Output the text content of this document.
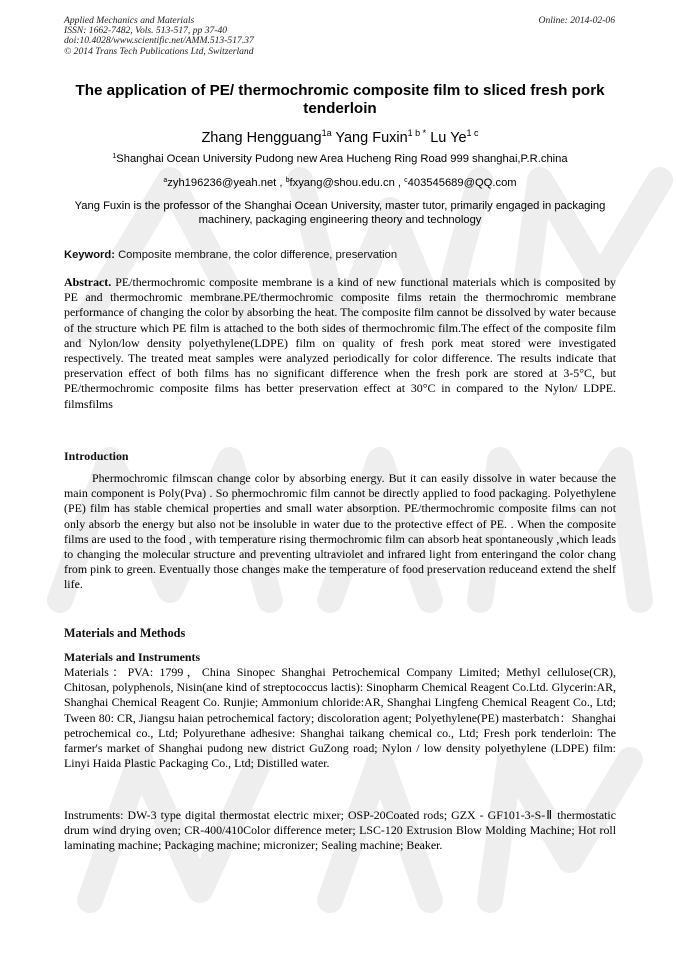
Applied Mechanics and Materials
ISSN: 1662-7482, Vols. 513-517, pp 37-40
doi:10.4028/www.scientific.net/AMM.513-517.37
© 2014 Trans Tech Publications Ltd, Switzerland
Online: 2014-02-06
The application of PE/ thermochromic composite film to sliced fresh pork tenderloin
Zhang Hengguang$^{1a}$ Yang Fuxin$^{1 b *}$ Lu $Ye^{1 c}$
$^1$Shanghai Ocean University Pudong new Area Hucheng Ring Road 999 shanghai,P.R.china
$^a$zyh196236@yeah.net , $^b$fxyang@shou.edu.cn , $^c$403545689@QQ.com
Yang Fuxin is the professor of the Shanghai Ocean University, master tutor, primarily engaged in packaging machinery, packaging engineering theory and technology
Keyword: Composite membrane, the color difference, preservation
Abstract. PE/thermochromic composite membrane is a kind of new functional materials which is composited by PE and thermochromic membrane.PE/thermochromic composite films retain the thermochromic membrane performance of changing the color by absorbing the heat. The composite film cannot be dissolved by water because of the structure which PE film is attached to the both sides of thermochromic film.The effect of the composite film and Nylon/low density polyethylene(LDPE) film on quality of fresh pork meat stored were investigated respectively. The treated meat samples were analyzed periodically for color difference. The results indicate that preservation effect of both films has no significant difference when the fresh pork are stored at 3-5°C, but PE/thermochromic composite films has better preservation effect at 30°C in compared to the Nylon/ LDPE. filmsfilms
Introduction
Phermochromic filmscan change color by absorbing energy. But it can easily dissolve in water because the main component is Poly(Pva) . So phermochromic film cannot be directly applied to food packaging. Polyethylene (PE) film has stable chemical properties and small water absorption. PE/thermochromic composite films can not only absorb the energy but also not be insoluble in water due to the protective effect of PE. . When the composite films are used to the food , with temperature rising thermochromic film can absorb heat spontaneously ,which leads to changing the molecular structure and preventing ultraviolet and infrared light from enteringand the color chang from pink to green. Eventually those changes make the temperature of food preservation reduceand extend the shelf life.
Materials and Methods
Materials and Instruments
Materials：PVA: 1799，China Sinopec Shanghai Petrochemical Company Limited; Methyl cellulose(CR), Chitosan, polyphenols, Nisin(ane kind of streptococcus lactis): Sinopharm Chemical Reagent Co.Ltd. Glycerin:AR, Shanghai Chemical Reagent Co. Runjie; Ammonium chloride:AR, Shanghai Lingfeng Chemical Reagent Co., Ltd; Tween 80: CR, Jiangsu haian petrochemical factory; discoloration agent; Polyethylene(PE) masterbatch：Shanghai petrochemical co., Ltd; Polyurethane adhesive: Shanghai taikang chemical co., Ltd; Fresh pork tenderloin: The farmer's market of Shanghai pudong new district GuZong road; Nylon / low density polyethylene (LDPE) film: Linyi Haida Plastic Packaging Co., Ltd; Distilled water.
Instruments: DW-3 type digital thermostat electric mixer; OSP-20Coated rods; GZX - GF101-3-S-Ⅱ thermostatic drum wind drying oven; CR-400/410Color difference meter; LSC-120 Extrusion Blow Molding Machine; Hot roll laminating machine; Packaging machine; micronizer; Sealing machine; Beaker.
